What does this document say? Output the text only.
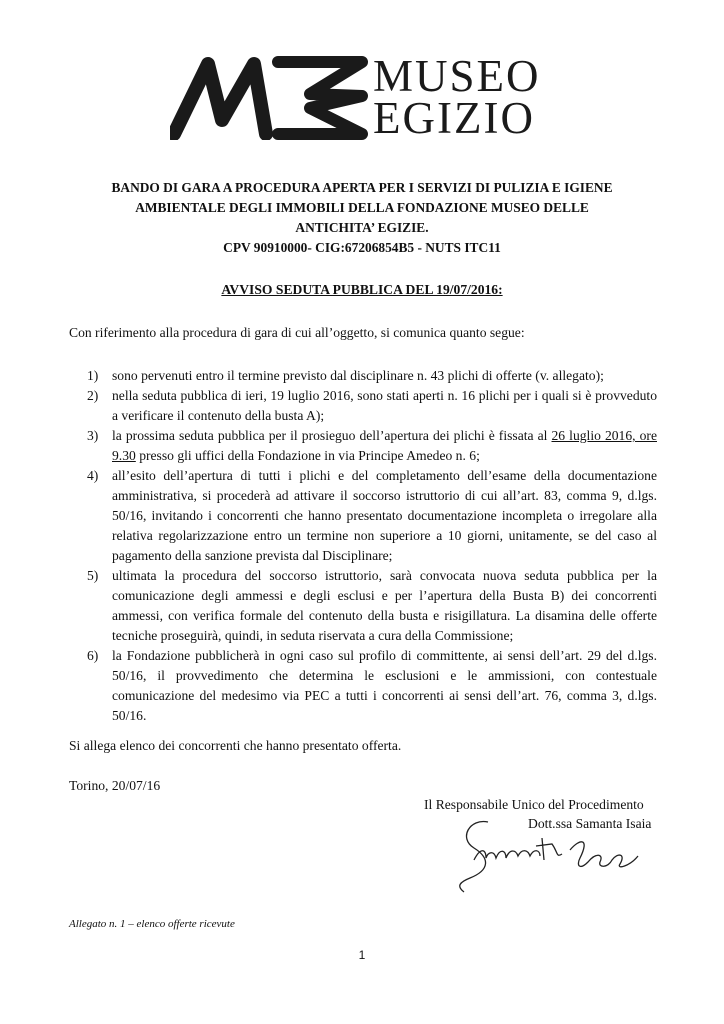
MUSEO
EGIZIO
BANDO DI GARA A PROCEDURA APERTA PER I SERVIZI DI PULIZIA E IGIENE
AMBIENTALE DEGLI IMMOBILI DELLA FONDAZIONE MUSEO DELLE
ANTICHITA’ EGIZIE.
CPV 90910000- CIG:67206854B5 - NUTS ITC11
AVVISO SEDUTA PUBBLICA DEL 19/07/2016:
Con riferimento alla procedura di gara di cui all’oggetto, si comunica quanto segue:
1) sono pervenuti entro il termine previsto dal disciplinare n. 43 plichi di offerte (v. allegato);
2) nella seduta pubblica di ieri, 19 luglio 2016, sono stati aperti n. 16 plichi per i quali si è provveduto a verificare il contenuto della busta A);
3) la prossima seduta pubblica per il prosieguo dell’apertura dei plichi è fissata al 26 luglio 2016, ore 9.30 presso gli uffici della Fondazione in via Principe Amedeo n. 6;
4) all’esito dell’apertura di tutti i plichi e del completamento dell’esame della documentazione amministrativa, si procederà ad attivare il soccorso istruttorio di cui all’art. 83, comma 9, d.lgs. 50/16, invitando i concorrenti che hanno presentato documentazione incompleta o irregolare alla relativa regolarizzazione entro un termine non superiore a 10 giorni, unitamente, se del caso al pagamento della sanzione prevista dal Disciplinare;
5) ultimata la procedura del soccorso istruttorio, sarà convocata nuova seduta pubblica per la comunicazione degli ammessi e degli esclusi e per l’apertura della Busta B) dei concorrenti ammessi, con verifica formale del contenuto della busta e risigillatura. La disamina delle offerte tecniche proseguirà, quindi, in seduta riservata a cura della Commissione;
6) la Fondazione pubblicherà in ogni caso sul profilo di committente, ai sensi dell’art. 29 del d.lgs. 50/16, il provvedimento che determina le esclusioni e le ammissioni, con contestuale comunicazione del medesimo via PEC a tutti i concorrenti ai sensi dell’art. 76, comma 3, d.lgs. 50/16.
Si allega elenco dei concorrenti che hanno presentato offerta.
Torino, 20/07/16
Il Responsabile Unico del Procedimento
Dott.ssa Samanta Isaia
Allegato n. 1 – elenco offerte ricevute
1
